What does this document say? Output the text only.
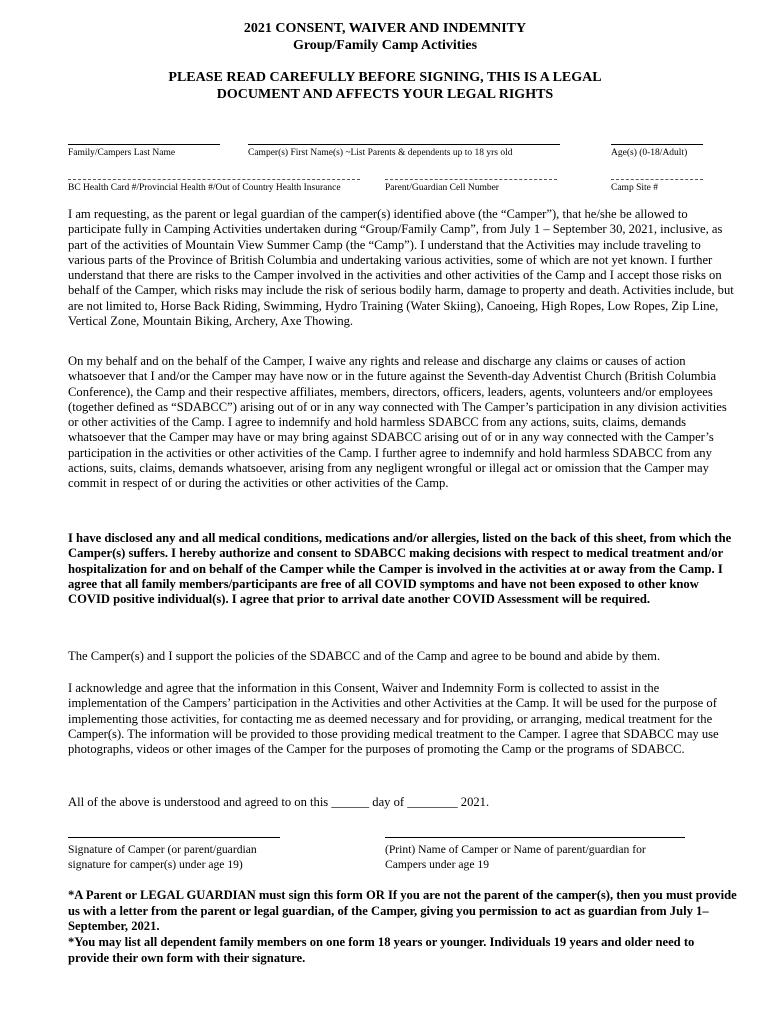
2021 CONSENT, WAIVER AND INDEMNITY
Group/Family Camp Activities
PLEASE READ CAREFULLY BEFORE SIGNING, THIS IS A LEGAL
DOCUMENT AND AFFECTS YOUR LEGAL RIGHTS
Family/Campers Last Name	Camper(s) First Name(s) ~List Parents & dependents up to 18 yrs old	Age(s) (0-18/Adult)
BC Health Card #/Provincial Health #/Out of Country Health Insurance	Parent/Guardian Cell Number	Camp Site #

I am requesting, as the parent or legal guardian of the camper(s) identified above (the “Camper”), that he/she be allowed to participate fully in Camping Activities undertaken during “Group/Family Camp”, from July 1 – September 30, 2021, inclusive, as part of the activities of Mountain View Summer Camp (the “Camp”). I understand that the Activities may include traveling to various parts of the Province of British Columbia and undertaking various activities, some of which are not yet known. I further understand that there are risks to the Camper involved in the activities and other activities of the Camp and I accept those risks on behalf of the Camper, which risks may include the risk of serious bodily harm, damage to property and death. Activities include, but are not limited to, Horse Back Riding, Swimming, Hydro Training (Water Skiing), Canoeing, High Ropes, Low Ropes, Zip Line, Vertical Zone, Mountain Biking, Archery, Axe Thowing.

On my behalf and on the behalf of the Camper, I waive any rights and release and discharge any claims or causes of action whatsoever that I and/or the Camper may have now or in the future against the Seventh-day Adventist Church (British Columbia Conference), the Camp and their respective affiliates, members, directors, officers, leaders, agents, volunteers and/or employees (together defined as “SDABCC”) arising out of or in any way connected with The Camper’s participation in any division activities or other activities of the Camp. I agree to indemnify and hold harmless SDABCC from any actions, suits, claims, demands whatsoever that the Camper may have or may bring against SDABCC arising out of or in any way connected with the Camper’s participation in the activities or other activities of the Camp. I further agree to indemnify and hold harmless SDABCC from any actions, suits, claims, demands whatsoever, arising from any negligent wrongful or illegal act or omission that the Camper may commit in respect of or during the activities or other activities of the Camp.

I have disclosed any and all medical conditions, medications and/or allergies, listed on the back of this sheet, from which the Camper(s) suffers. I hereby authorize and consent to SDABCC making decisions with respect to medical treatment and/or hospitalization for and on behalf of the Camper while the Camper is involved in the activities at or away from the Camp. I agree that all family members/participants are free of all COVID symptoms and have not been exposed to other know COVID positive individual(s). I agree that prior to arrival date another COVID Assessment will be required.

The Camper(s) and I support the policies of the SDABCC and of the Camp and agree to be bound and abide by them.

I acknowledge and agree that the information in this Consent, Waiver and Indemnity Form is collected to assist in the implementation of the Campers’ participation in the Activities and other Activities at the Camp. It will be used for the purpose of implementing those activities, for contacting me as deemed necessary and for providing, or arranging, medical treatment for the Camper(s). The information will be provided to those providing medical treatment to the Camper. I agree that SDABCC may use photographs, videos or other images of the Camper for the purposes of promoting the Camp or the programs of SDABCC.

All of the above is understood and agreed to on this ______ day of ________ 2021.

Signature of Camper (or parent/guardian
signature for camper(s) under age 19)
(Print) Name of Camper or Name of parent/guardian for
Campers under age 19

*A Parent or LEGAL GUARDIAN must sign this form OR If you are not the parent of the camper(s), then you must provide us with a letter from the parent or legal guardian, of the Camper, giving you permission to act as guardian from July 1– September, 2021.

*You may list all dependent family members on one form 18 years or younger. Individuals 19 years and older need to provide their own form with their signature.
